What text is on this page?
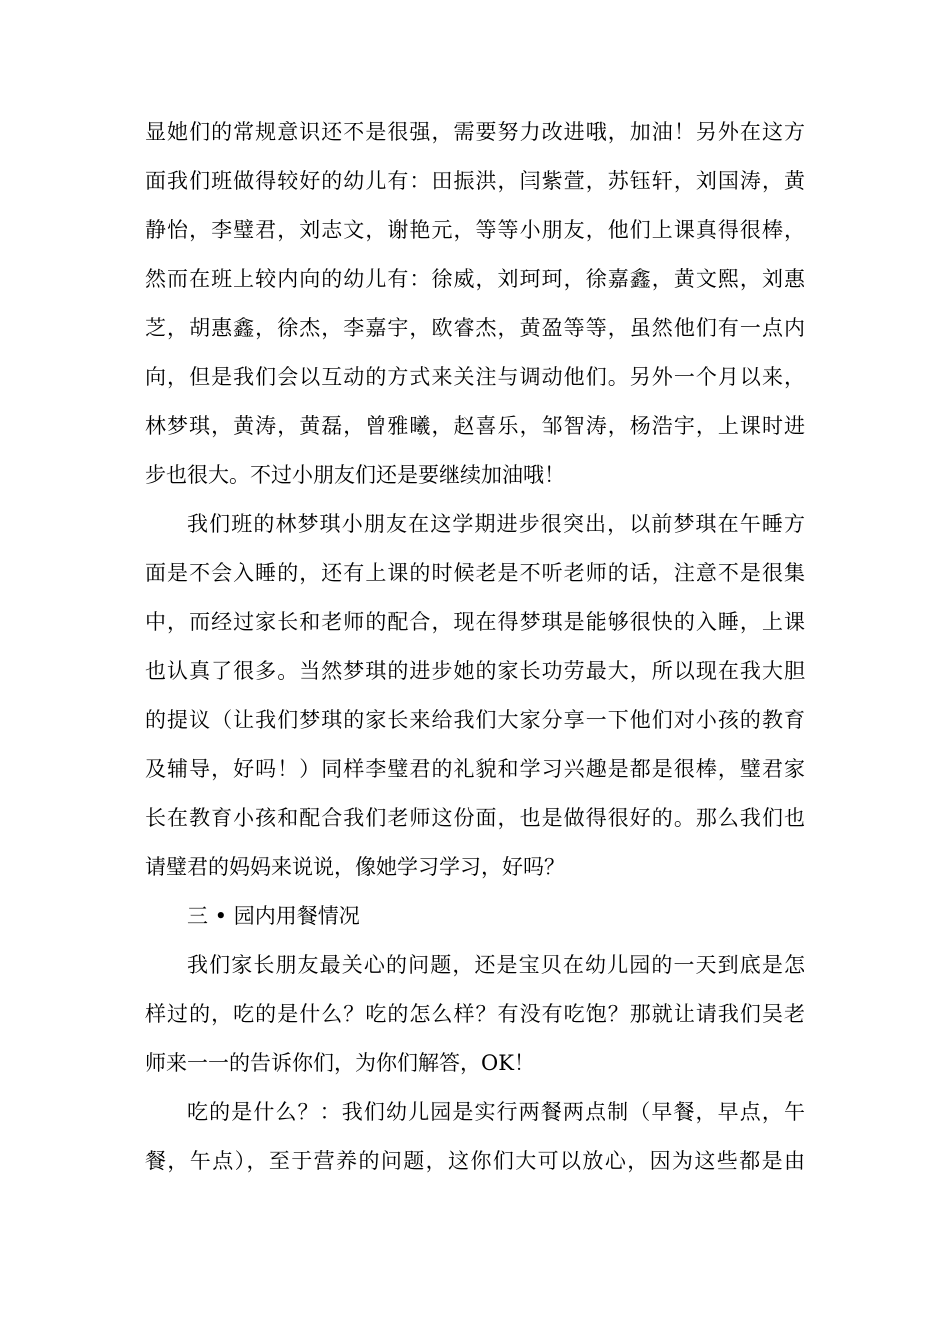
显她们的常规意识还不是很强，需要努力改进哦，加油！另外在这方
面我们班做得较好的幼儿有：田振洪，闫紫萱，苏钰轩，刘国涛，黄
静怡，李璧君，刘志文，谢艳元，等等小朋友，他们上课真得很棒，
然而在班上较内向的幼儿有：徐威，刘珂珂，徐嘉鑫，黄文熙，刘惠
芝，胡惠鑫，徐杰，李嘉宇，欧睿杰，黄盈等等，虽然他们有一点内
向，但是我们会以互动的方式来关注与调动他们。另外一个月以来，
林梦琪，黄涛，黄磊，曾雅曦，赵喜乐，邹智涛，杨浩宇，上课时进
步也很大。不过小朋友们还是要继续加油哦！
我们班的林梦琪小朋友在这学期进步很突出，以前梦琪在午睡方
面是不会入睡的，还有上课的时候老是不听老师的话，注意不是很集
中，而经过家长和老师的配合，现在得梦琪是能够很快的入睡，上课
也认真了很多。当然梦琪的进步她的家长功劳最大，所以现在我大胆
的提议（让我们梦琪的家长来给我们大家分享一下他们对小孩的教育
及辅导，好吗！）同样李璧君的礼貌和学习兴趣是都是很棒，璧君家
长在教育小孩和配合我们老师这份面，也是做得很好的。那么我们也
请璧君的妈妈来说说，像她学习学习，好吗？
三 • 园内用餐情况
我们家长朋友最关心的问题，还是宝贝在幼儿园的一天到底是怎
样过的，吃的是什么？吃的怎么样？有没有吃饱？那就让请我们吴老
师来一一的告诉你们，为你们解答，OK！
吃的是什么？：我们幼儿园是实行两餐两点制（早餐，早点，午
餐，午点），至于营养的问题，这你们大可以放心，因为这些都是由
